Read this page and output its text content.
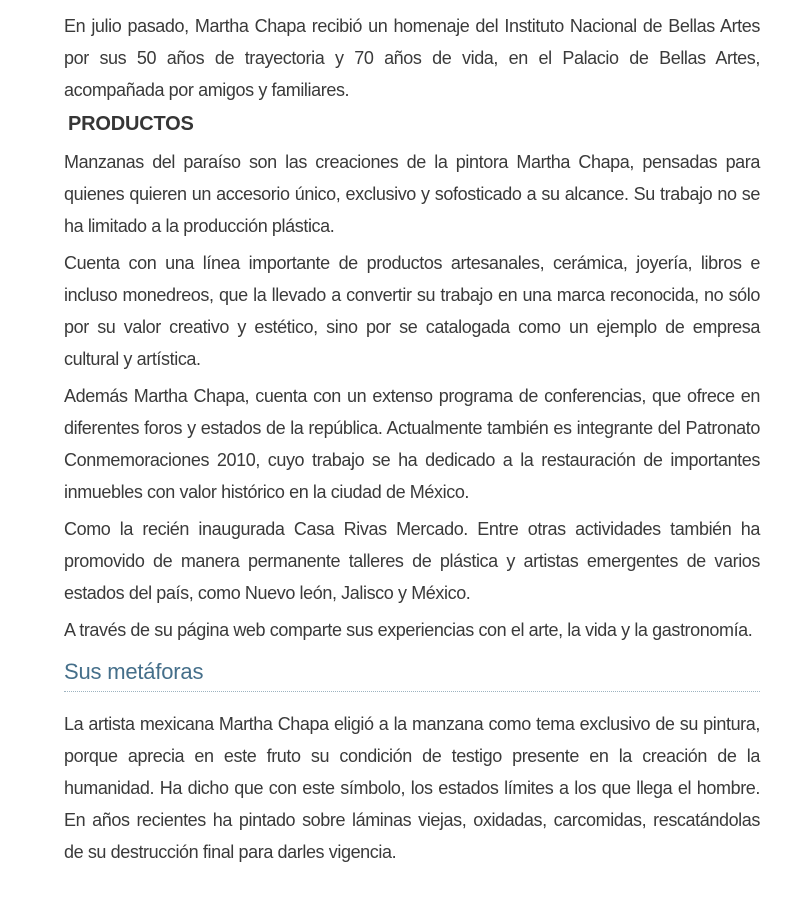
En julio pasado, Martha Chapa recibió un homenaje del Instituto Nacional de Bellas Artes por sus 50 años de trayectoria y 70 años de vida, en el Palacio de Bellas Artes, acompañada por amigos y familiares.

PRODUCTOS

Manzanas del paraíso son las creaciones de la pintora Martha Chapa, pensadas para quienes quieren un accesorio único, exclusivo y sofosticado a su alcance. Su trabajo no se ha limitado a la producción plástica.

Cuenta con una línea importante de productos artesanales, cerámica, joyería, libros e incluso monedreos, que la llevado a convertir su trabajo en una marca reconocida, no sólo por su valor creativo y estético, sino por se catalogada como un ejemplo de empresa cultural y artística.

Además Martha Chapa, cuenta con un extenso programa de conferencias, que ofrece en diferentes foros y estados de la república. Actualmente también es integrante del Patronato Conmemoraciones 2010, cuyo trabajo se ha dedicado a la restauración de importantes inmuebles con valor histórico en la ciudad de México.

Como la recién inaugurada Casa Rivas Mercado. Entre otras actividades también ha promovido de manera permanente talleres de plástica y artistas emergentes de varios estados del país, como Nuevo león, Jalisco y México.

A través de su página web comparte sus experiencias con el arte, la vida y la gastronomía.

Sus metáforas

La artista mexicana Martha Chapa eligió a la manzana como tema exclusivo de su pintura, porque aprecia en este fruto su condición de testigo presente en la creación de la humanidad. Ha dicho que con este símbolo, los estados límites a los que llega el hombre. En años recientes ha pintado sobre láminas viejas, oxidadas, carcomidas, rescatándolas de su destrucción final para darles vigencia.
